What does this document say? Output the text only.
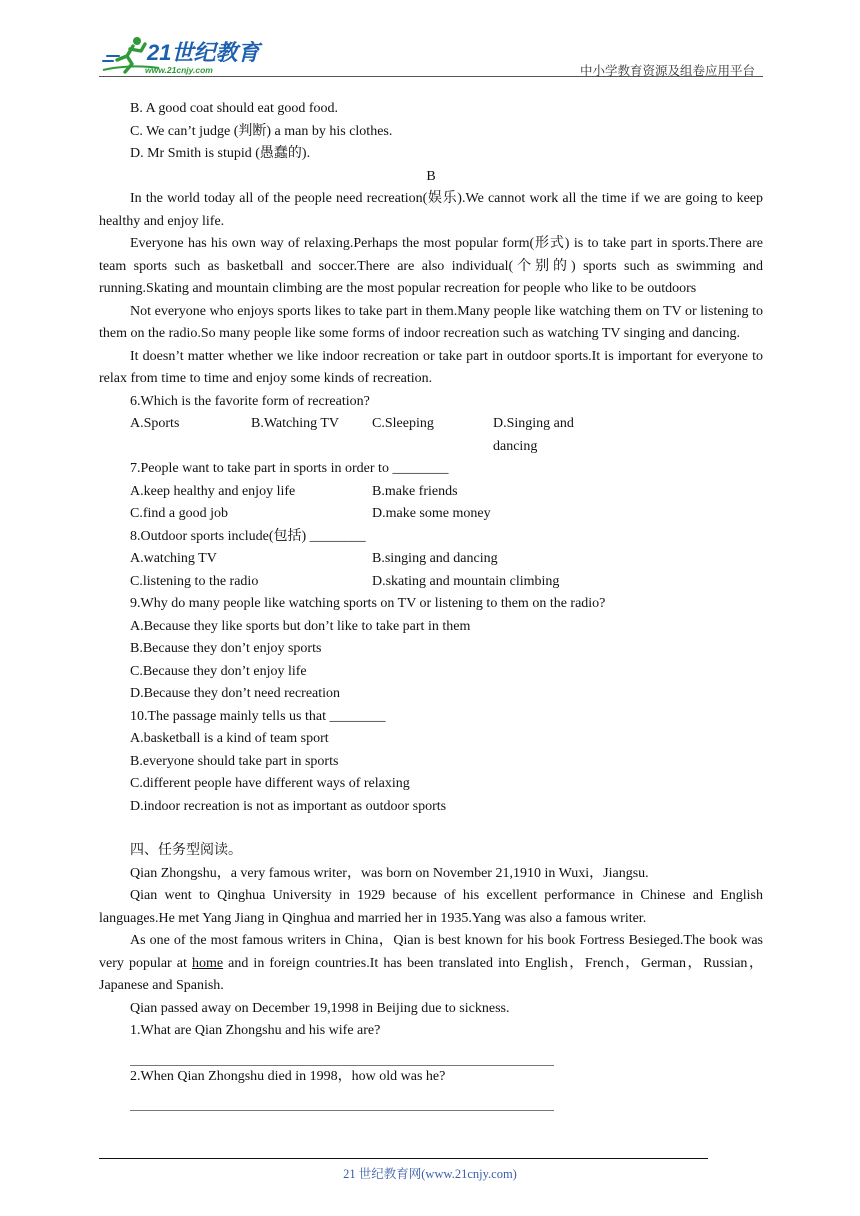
21世纪教育
www.21cnjy.com	中小学教育资源及组卷应用平台
B. A good coat should eat good food.
C. We can’t judge (判断) a man by his clothes.
D. Mr Smith is stupid (愚蠢的).
B
In the world today all of the people need recreation(娱乐).We cannot work all the time if we are going to keep healthy and enjoy life.
Everyone has his own way of relaxing.Perhaps the most popular form(形式) is to take part in sports.There are team sports such as basketball and soccer.There are also individual(个别的) sports such as swimming and running.Skating and mountain climbing are the most popular recreation for people who like to be outdoors
Not everyone who enjoys sports likes to take part in them.Many people like watching them on TV or listening to them on the radio.So many people like some forms of indoor recreation such as watching TV singing and dancing.
It doesn’t matter whether we like indoor recreation or take part in outdoor sports.It is important for everyone to relax from time to time and enjoy some kinds of recreation.
6.Which is the favorite form of recreation?
A.Sports	B.Watching TV	C.Sleeping	D.Singing and dancing
7.People want to take part in sports in order to ________
A.keep healthy and enjoy life	B.make friends
C.find a good job	D.make some money
8.Outdoor sports include(包括) ________
A.watching TV	B.singing and dancing
C.listening to the radio	D.skating and mountain climbing
9.Why do many people like watching sports on TV or listening to them on the radio?
A.Because they like sports but don’t like to take part in them
B.Because they don’t enjoy sports
C.Because they don’t enjoy life
D.Because they don’t need recreation
10.The passage mainly tells us that ________
A.basketball is a kind of team sport
B.everyone should take part in sports
C.different people have different ways of relaxing
D.indoor recreation is not as important as outdoor sports
四、任务型阅读。
Qian Zhongshu，a very famous writer，was born on November 21,1910 in Wuxi，Jiangsu.
Qian went to Qinghua University in 1929 because of his excellent performance in Chinese and English languages.He met Yang Jiang in Qinghua and married her in 1935.Yang was also a famous writer.
As one of the most famous writers in China，Qian is best known for his book Fortress Besieged.The book was very popular at home and in foreign countries.It has been translated into English，French，German，Russian，Japanese and Spanish.
Qian passed away on December 19,1998 in Beijing due to sickness.
1.What are Qian Zhongshu and his wife are?
2.When Qian Zhongshu died in 1998，how old was he?
21 世纪教育网(www.21cnjy.com)
